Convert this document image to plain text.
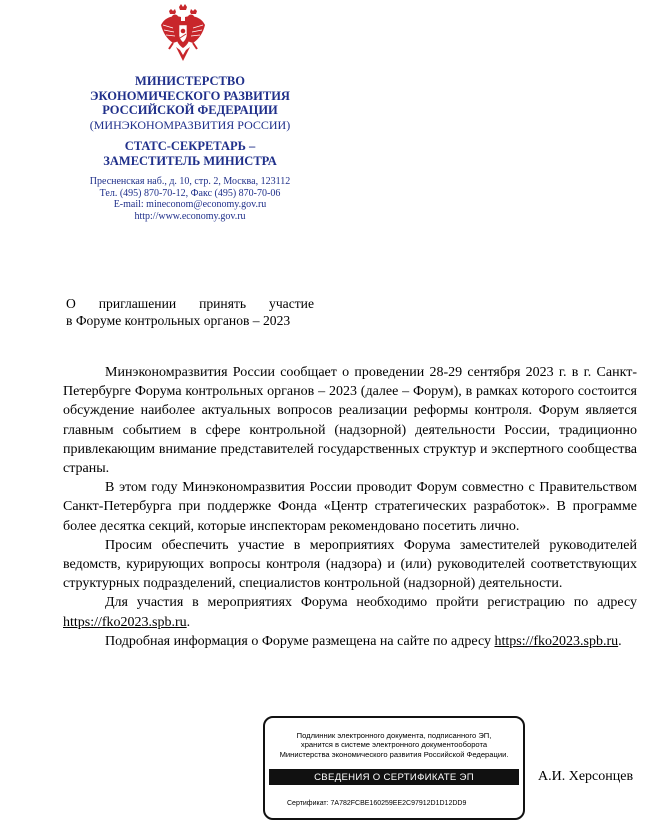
МИНИСТЕРСТВО
ЭКОНОМИЧЕСКОГО РАЗВИТИЯ
РОССИЙСКОЙ ФЕДЕРАЦИИ
(МИНЭКОНОМРАЗВИТИЯ РОССИИ)
СТАТС-СЕКРЕТАРЬ –
ЗАМЕСТИТЕЛЬ МИНИСТРА
Пресненская наб., д. 10, стр. 2, Москва, 123112
Тел. (495) 870-70-12, Факс (495) 870-70-06
E-mail: mineconom@economy.gov.ru
http://www.economy.gov.ru
О приглашении принять участие
в Форуме контрольных органов – 2023

Минэкономразвития России сообщает о проведении 28-29 сентября 2023 г. в г. Санкт-Петербурге Форума контрольных органов – 2023 (далее – Форум), в рамках которого состоится обсуждение наиболее актуальных вопросов реализации реформы контроля. Форум является главным событием в сфере контрольной (надзорной) деятельности России, традиционно привлекающим внимание представителей государственных структур и экспертного сообщества страны.

В этом году Минэкономразвития России проводит Форум совместно с Правительством Санкт-Петербурга при поддержке Фонда «Центр стратегических разработок». В программе более десятка секций, которые инспекторам рекомендовано посетить лично.

Просим обеспечить участие в мероприятиях Форума заместителей руководителей ведомств, курирующих вопросы контроля (надзора) и (или) руководителей соответствующих структурных подразделений, специалистов контрольной (надзорной) деятельности.

Для участия в мероприятиях Форума необходимо пройти регистрацию по адресу https://fko2023.spb.ru.

Подробная информация о Форуме размещена на сайте по адресу https://fko2023.spb.ru.

Подлинник электронного документа, подписанного ЭП,
хранится в системе электронного документооборота
Министерства экономического развития Российской Федерации.
СВЕДЕНИЯ О СЕРТИФИКАТЕ ЭП
Сертификат: 7A782FCBE160259EE2C97912D1D12DD9
А.И. Херсонцев
